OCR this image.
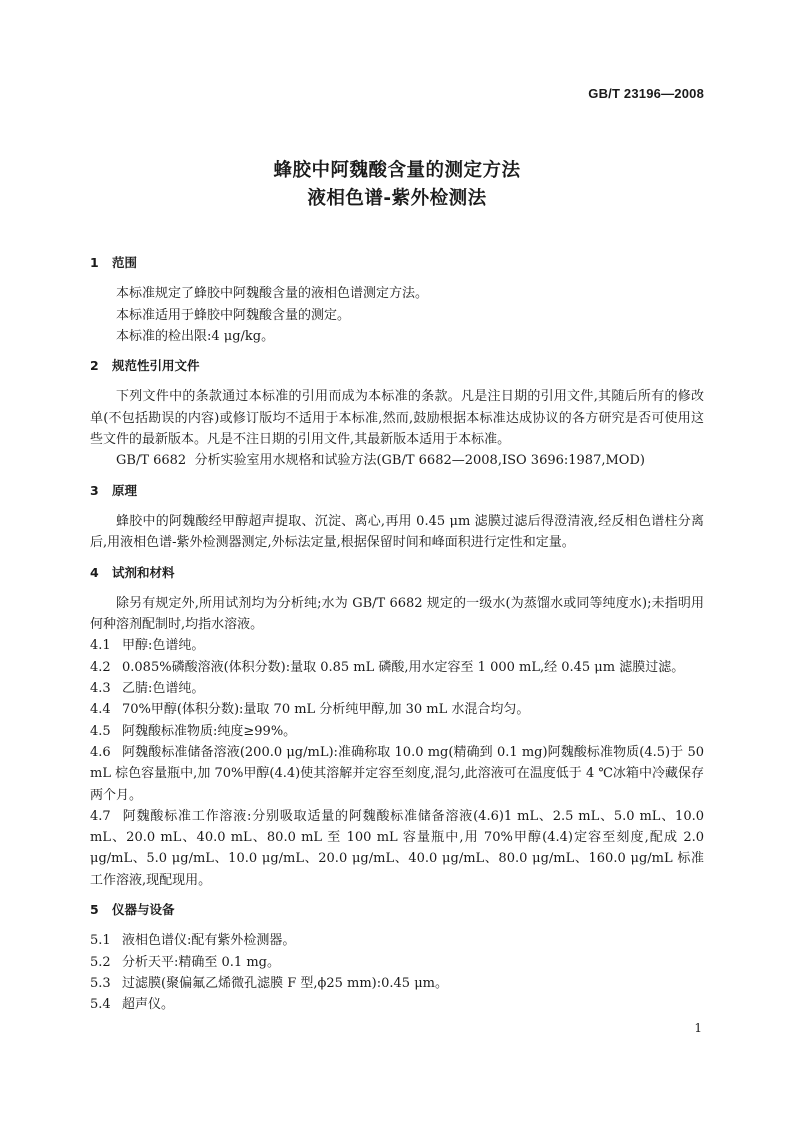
GB/T 23196—2008
蜂胶中阿魏酸含量的测定方法
液相色谱-紫外检测法
1 范围
本标准规定了蜂胶中阿魏酸含量的液相色谱测定方法。
本标准适用于蜂胶中阿魏酸含量的测定。
本标准的检出限:4 μg/kg。
2 规范性引用文件
下列文件中的条款通过本标准的引用而成为本标准的条款。凡是注日期的引用文件,其随后所有的修改单(不包括勘误的内容)或修订版均不适用于本标准,然而,鼓励根据本标准达成协议的各方研究是否可使用这些文件的最新版本。凡是不注日期的引用文件,其最新版本适用于本标准。
GB/T 6682  分析实验室用水规格和试验方法(GB/T 6682—2008,ISO 3696:1987,MOD)
3 原理
蜂胶中的阿魏酸经甲醇超声提取、沉淀、离心,再用 0.45 μm 滤膜过滤后得澄清液,经反相色谱柱分离后,用液相色谱-紫外检测器测定,外标法定量,根据保留时间和峰面积进行定性和定量。
4 试剂和材料
除另有规定外,所用试剂均为分析纯;水为 GB/T 6682 规定的一级水(为蒸馏水或同等纯度水);未指明用何种溶剂配制时,均指水溶液。
4.1 甲醇:色谱纯。
4.2 0.085%磷酸溶液(体积分数):量取 0.85 mL 磷酸,用水定容至 1 000 mL,经 0.45 μm 滤膜过滤。
4.3 乙腈:色谱纯。
4.4 70%甲醇(体积分数):量取 70 mL 分析纯甲醇,加 30 mL 水混合均匀。
4.5 阿魏酸标准物质:纯度≥99%。
4.6 阿魏酸标准储备溶液(200.0 μg/mL):准确称取 10.0 mg(精确到 0.1 mg)阿魏酸标准物质(4.5)于 50 mL 棕色容量瓶中,加 70%甲醇(4.4)使其溶解并定容至刻度,混匀,此溶液可在温度低于 4 ℃冰箱中冷藏保存两个月。
4.7 阿魏酸标准工作溶液:分别吸取适量的阿魏酸标准储备溶液(4.6)1 mL、2.5 mL、5.0 mL、10.0 mL、20.0 mL、40.0 mL、80.0 mL 至 100 mL 容量瓶中,用 70%甲醇(4.4)定容至刻度,配成 2.0 μg/mL、5.0 μg/mL、10.0 μg/mL、20.0 μg/mL、40.0 μg/mL、80.0 μg/mL、160.0 μg/mL 标准工作溶液,现配现用。
5 仪器与设备
5.1 液相色谱仪:配有紫外检测器。
5.2 分析天平:精确至 0.1 mg。
5.3 过滤膜(聚偏氟乙烯微孔滤膜 F 型,ϕ25 mm):0.45 μm。
5.4 超声仪。
1
